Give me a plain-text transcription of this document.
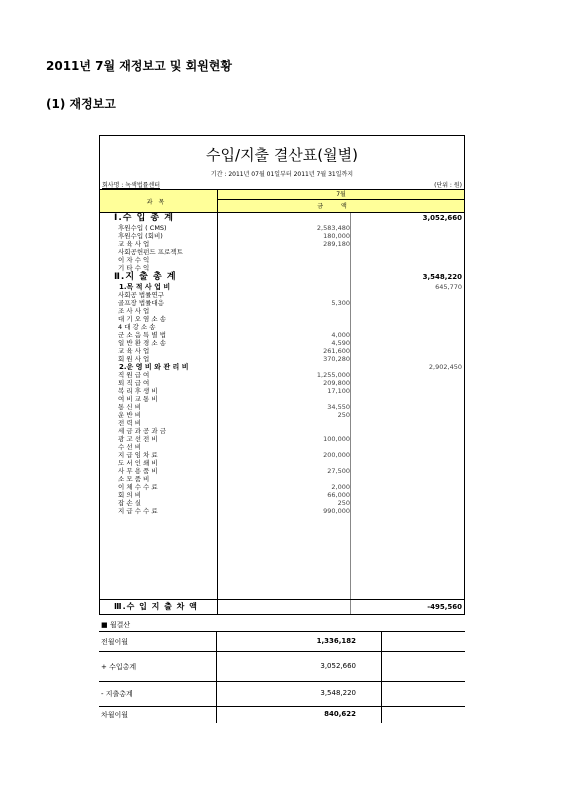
2011년 7월 재정보고 및 회원현황
(1) 재정보고
수입/지출 결산표(월별)
기간 : 2011년 07월 01일부터 2011년 7월 31일까지
회사명 : 녹색법률센터	(단위 : 원)
과목
7월
금액
Ⅰ.수 입 총 계	3,052,660
후원수입 ( CMS)	2,583,480
후원수입 (회비)	180,000
교 육 사 업	289,180
사회공헌펀드 프로젝트
이 자 수 익
기 타 수 익
Ⅱ.지 출 총 계	3,548,220
1.목 적 사 업 비	645,770
사회공 법률연구
골프장 법률대응	5,300
조 사 사 업
대 기 오 염 소 송
4 대 강 소 송
군 소 음 특 별 법	4,000
일 반 환 경 소 송	4,590
교 육 사 업	261,600
회 원 사 업	370,280
2.운 영 비 와 관 리 비	2,902,450
직 원 급 여	1,255,000
퇴 직 급 여	209,800
복 리 후 생 비	17,100
여 비 교 통 비
통 신 비	34,550
운 반 비	250
전 력 비
세 금 과 공 과 금
광 고 선 전 비	100,000
수 선 비
지 급 임 차 료	200,000
도 서 인 쇄 비
사 무 용 품 비	27,500
소 모 품 비
이 체 수 수 료	2,000
회 의 비	66,000
잡 손 실	250
지 급 수 수 료	990,000
Ⅲ.수 입 지 출 차 액	-495,560
■ 월결산
전월이월	1,336,182
+ 수입총계	3,052,660
- 지출총계	3,548,220
차월이월	840,622
